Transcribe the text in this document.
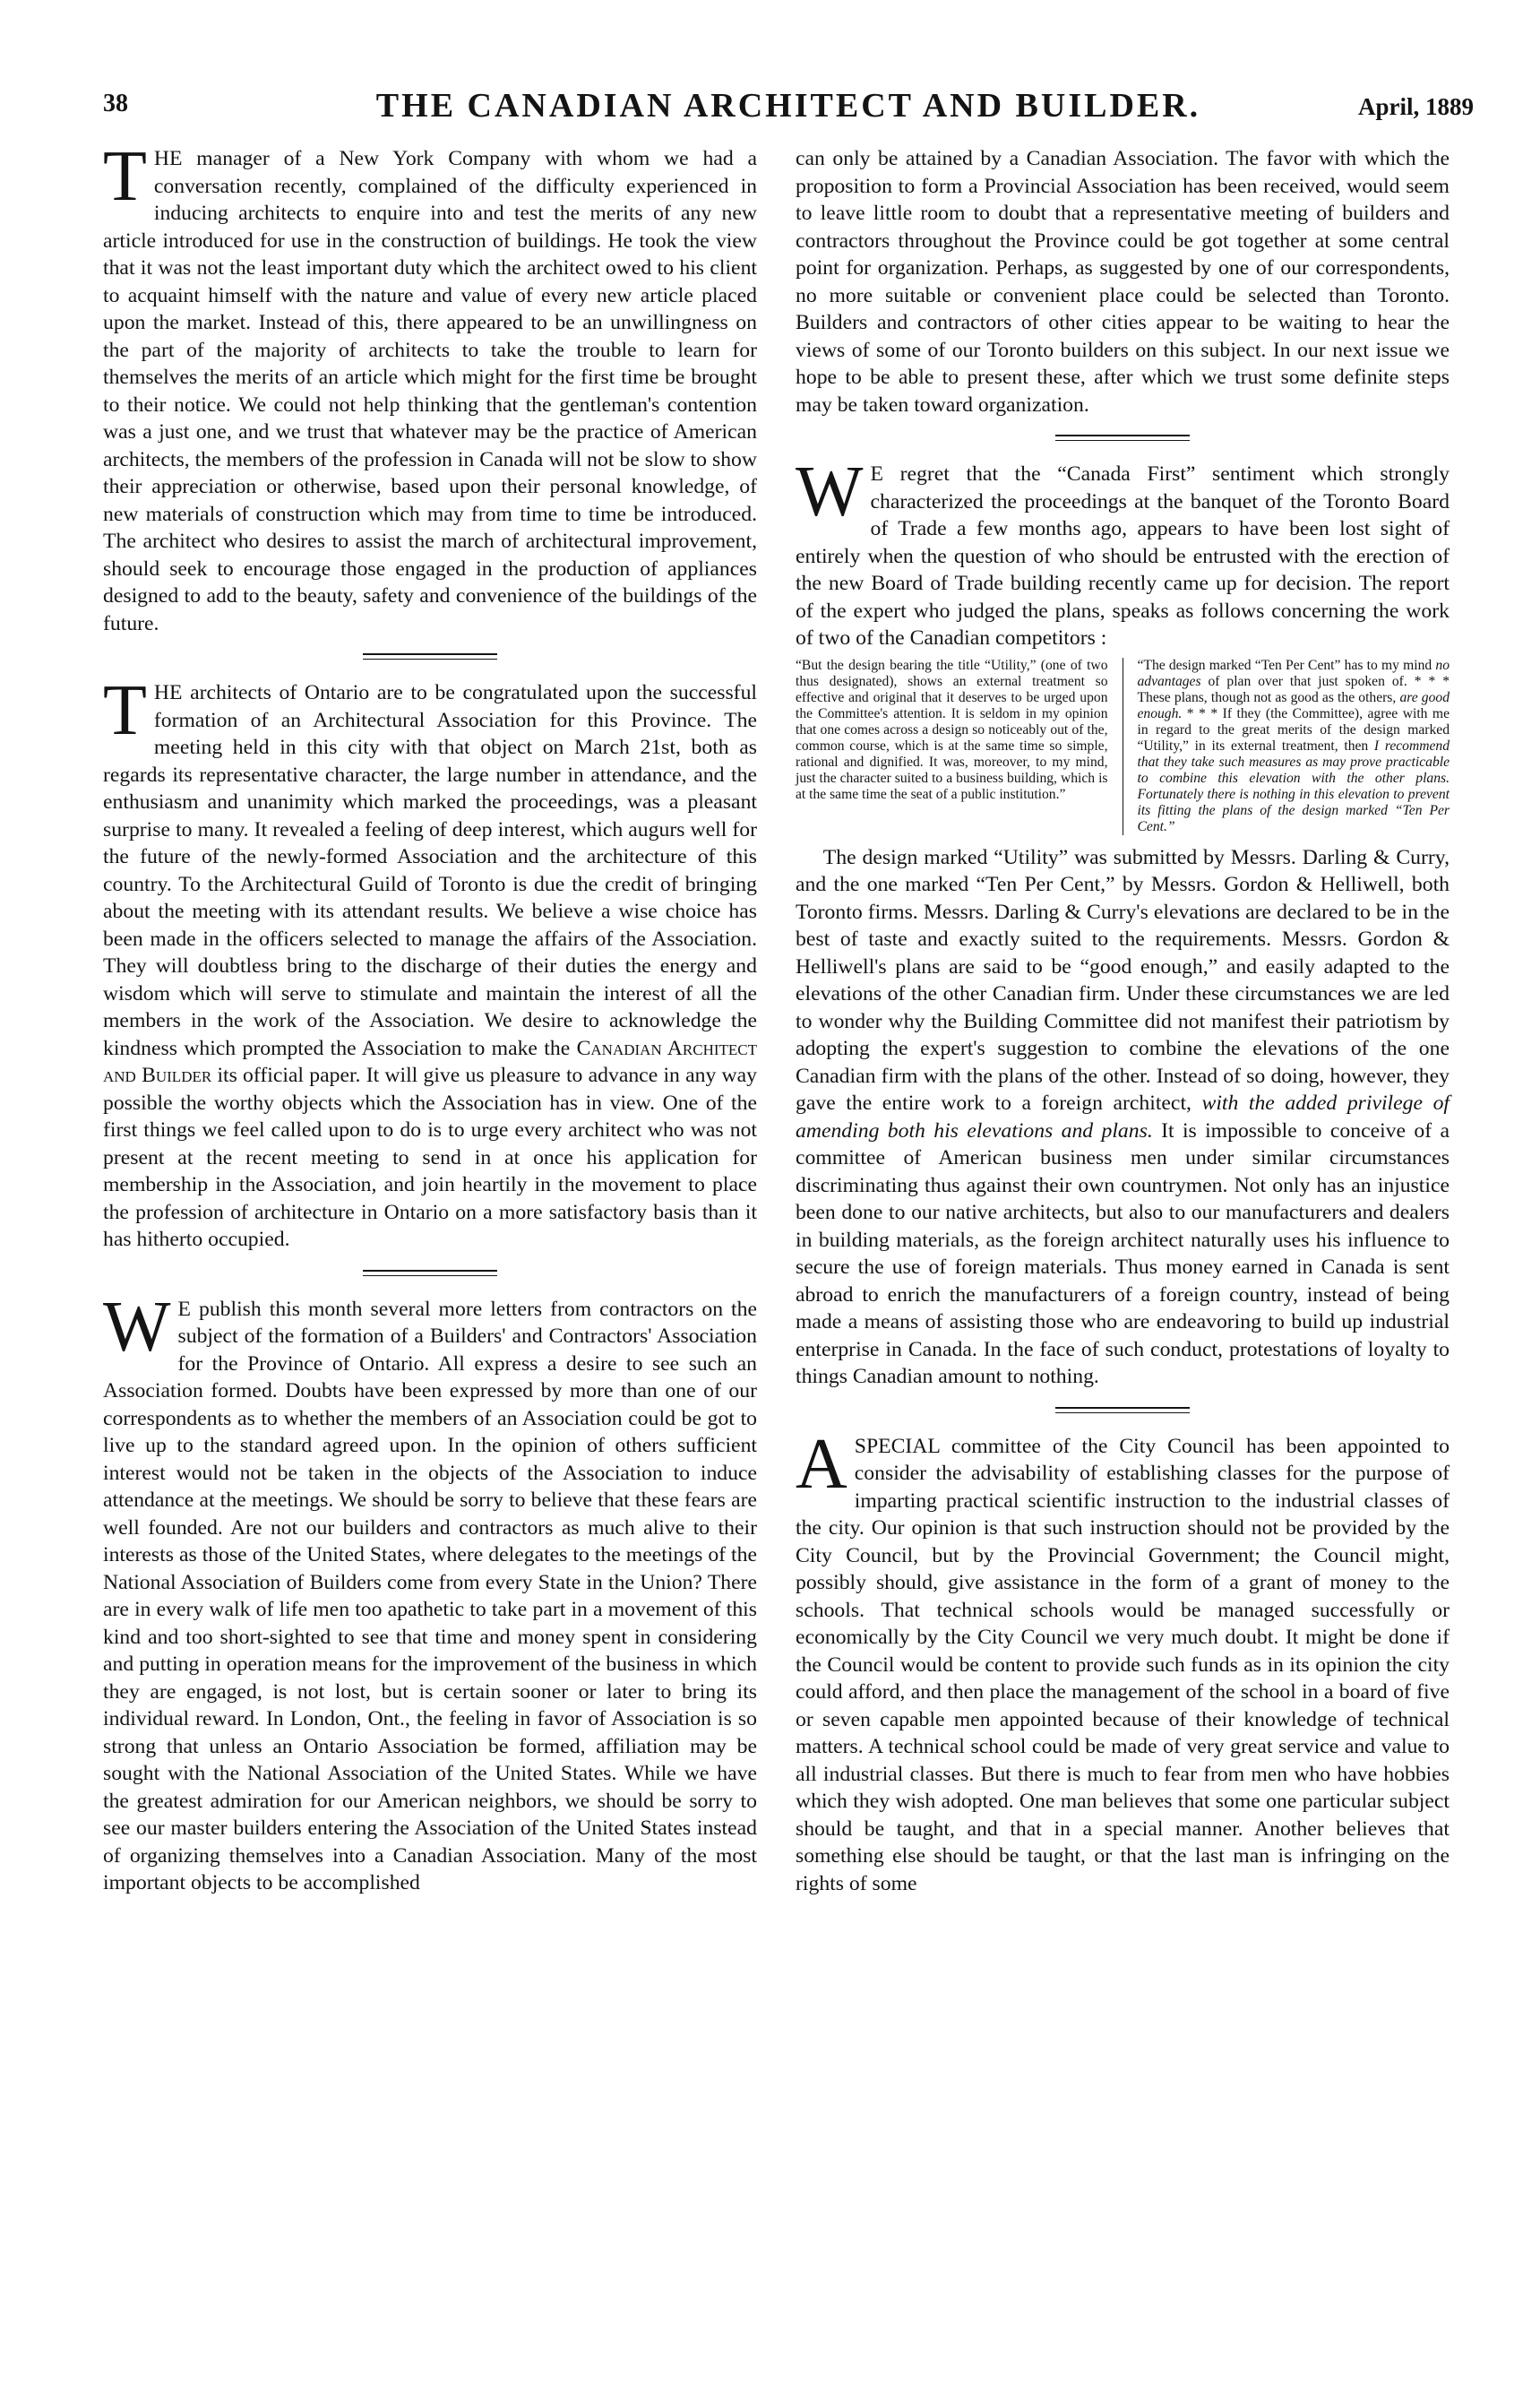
38	THE CANADIAN ARCHITECT AND BUILDER.	April, 1889

THE manager of a New York Company with whom we had a conversation recently, complained of the difficulty experienced in inducing architects to enquire into and test the merits of any new article introduced for use in the construction of buildings. He took the view that it was not the least important duty which the architect owed to his client to acquaint himself with the nature and value of every new article placed upon the market. Instead of this, there appeared to be an unwillingness on the part of the majority of architects to take the trouble to learn for themselves the merits of an article which might for the first time be brought to their notice. We could not help thinking that the gentleman's contention was a just one, and we trust that whatever may be the practice of American architects, the members of the profession in Canada will not be slow to show their appreciation or otherwise, based upon their personal knowledge, of new materials of construction which may from time to time be introduced. The architect who desires to assist the march of architectural improvement, should seek to encourage those engaged in the production of appliances designed to add to the beauty, safety and convenience of the buildings of the future.

THE architects of Ontario are to be congratulated upon the successful formation of an Architectural Association for this Province. The meeting held in this city with that object on March 21st, both as regards its representative character, the large number in attendance, and the enthusiasm and unanimity which marked the proceedings, was a pleasant surprise to many. It revealed a feeling of deep interest, which augurs well for the future of the newly-formed Association and the architecture of this country. To the Architectural Guild of Toronto is due the credit of bringing about the meeting with its attendant results. We believe a wise choice has been made in the officers selected to manage the affairs of the Association. They will doubtless bring to the discharge of their duties the energy and wisdom which will serve to stimulate and maintain the interest of all the members in the work of the Association. We desire to acknowledge the kindness which prompted the Association to make the Canadian Architect and Builder its official paper. It will give us pleasure to advance in any way possible the worthy objects which the Association has in view. One of the first things we feel called upon to do is to urge every architect who was not present at the recent meeting to send in at once his application for membership in the Association, and join heartily in the movement to place the profession of architecture in Ontario on a more satisfactory basis than it has hitherto occupied.

W E publish this month several more letters from contractors on the subject of the formation of a Builders' and Contractors' Association for the Province of Ontario. All express a desire to see such an Association formed. Doubts have been expressed by more than one of our correspondents as to whether the members of an Association could be got to live up to the standard agreed upon. In the opinion of others sufficient interest would not be taken in the objects of the Association to induce attendance at the meetings. We should be sorry to believe that these fears are well founded. Are not our builders and contractors as much alive to their interests as those of the United States, where delegates to the meetings of the National Association of Builders come from every State in the Union? There are in every walk of life men too apathetic to take part in a movement of this kind and too short-sighted to see that time and money spent in considering and putting in operation means for the improvement of the business in which they are engaged, is not lost, but is certain sooner or later to bring its individual reward. In London, Ont., the feeling in favor of Association is so strong that unless an Ontario Association be formed, affiliation may be sought with the National Association of the United States. While we have the greatest admiration for our American neighbors, we should be sorry to see our master builders entering the Association of the United States instead of organizing themselves into a Canadian Association. Many of the most important objects to be accomplished

can only be attained by a Canadian Association. The favor with which the proposition to form a Provincial Association has been received, would seem to leave little room to doubt that a representative meeting of builders and contractors throughout the Province could be got together at some central point for organization. Perhaps, as suggested by one of our correspondents, no more suitable or convenient place could be selected than Toronto. Builders and contractors of other cities appear to be waiting to hear the views of some of our Toronto builders on this subject. In our next issue we hope to be able to present these, after which we trust some definite steps may be taken toward organization.

W E regret that the “Canada First” sentiment which strongly characterized the proceedings at the banquet of the Toronto Board of Trade a few months ago, appears to have been lost sight of entirely when the question of who should be entrusted with the erection of the new Board of Trade building recently came up for decision. The report of the expert who judged the plans, speaks as follows concerning the work of two of the Canadian competitors :

“But the design bearing the title “Utility,” (one of two thus designated), shows an external treatment so effective and original that it deserves to be urged upon the Committee's attention. It is seldom in my opinion that one comes across a design so noticeably out of the, common course, which is at the same time so simple, rational and dignified. It was, moreover, to my mind, just the character suited to a business building, which is at the same time the seat of a public institution.”
“The design marked “Ten Per Cent” has to my mind no advantages of plan over that just spoken of. * * * These plans, though not as good as the others, are good enough. * * * If they (the Committee), agree with me in regard to the great merits of the design marked “Utility,” in its external treatment, then I recommend that they take such measures as may prove practicable to combine this elevation with the other plans. Fortunately there is nothing in this elevation to prevent its fitting the plans of the design marked “Ten Per Cent.”

The design marked “Utility” was submitted by Messrs. Darling & Curry, and the one marked “Ten Per Cent,” by Messrs. Gordon & Helliwell, both Toronto firms. Messrs. Darling & Curry's elevations are declared to be in the best of taste and exactly suited to the requirements. Messrs. Gordon & Helliwell's plans are said to be “good enough,” and easily adapted to the elevations of the other Canadian firm. Under these circumstances we are led to wonder why the Building Committee did not manifest their patriotism by adopting the expert's suggestion to combine the elevations of the one Canadian firm with the plans of the other. Instead of so doing, however, they gave the entire work to a foreign architect, with the added privilege of amending both his elevations and plans. It is impossible to conceive of a committee of American business men under similar circumstances discriminating thus against their own countrymen. Not only has an injustice been done to our native architects, but also to our manufacturers and dealers in building materials, as the foreign architect naturally uses his influence to secure the use of foreign materials. Thus money earned in Canada is sent abroad to enrich the manufacturers of a foreign country, instead of being made a means of assisting those who are endeavoring to build up industrial enterprise in Canada. In the face of such conduct, protestations of loyalty to things Canadian amount to nothing.

ASPECIAL committee of the City Council has been appointed to consider the advisability of establishing classes for the purpose of imparting practical scientific instruction to the industrial classes of the city. Our opinion is that such instruction should not be provided by the City Council, but by the Provincial Government; the Council might, possibly should, give assistance in the form of a grant of money to the schools. That technical schools would be managed successfully or economically by the City Council we very much doubt. It might be done if the Council would be content to provide such funds as in its opinion the city could afford, and then place the management of the school in a board of five or seven capable men appointed because of their knowledge of technical matters. A technical school could be made of very great service and value to all industrial classes. But there is much to fear from men who have hobbies which they wish adopted. One man believes that some one particular subject should be taught, and that in a special manner. Another believes that something else should be taught, or that the last man is infringing on the rights of some
